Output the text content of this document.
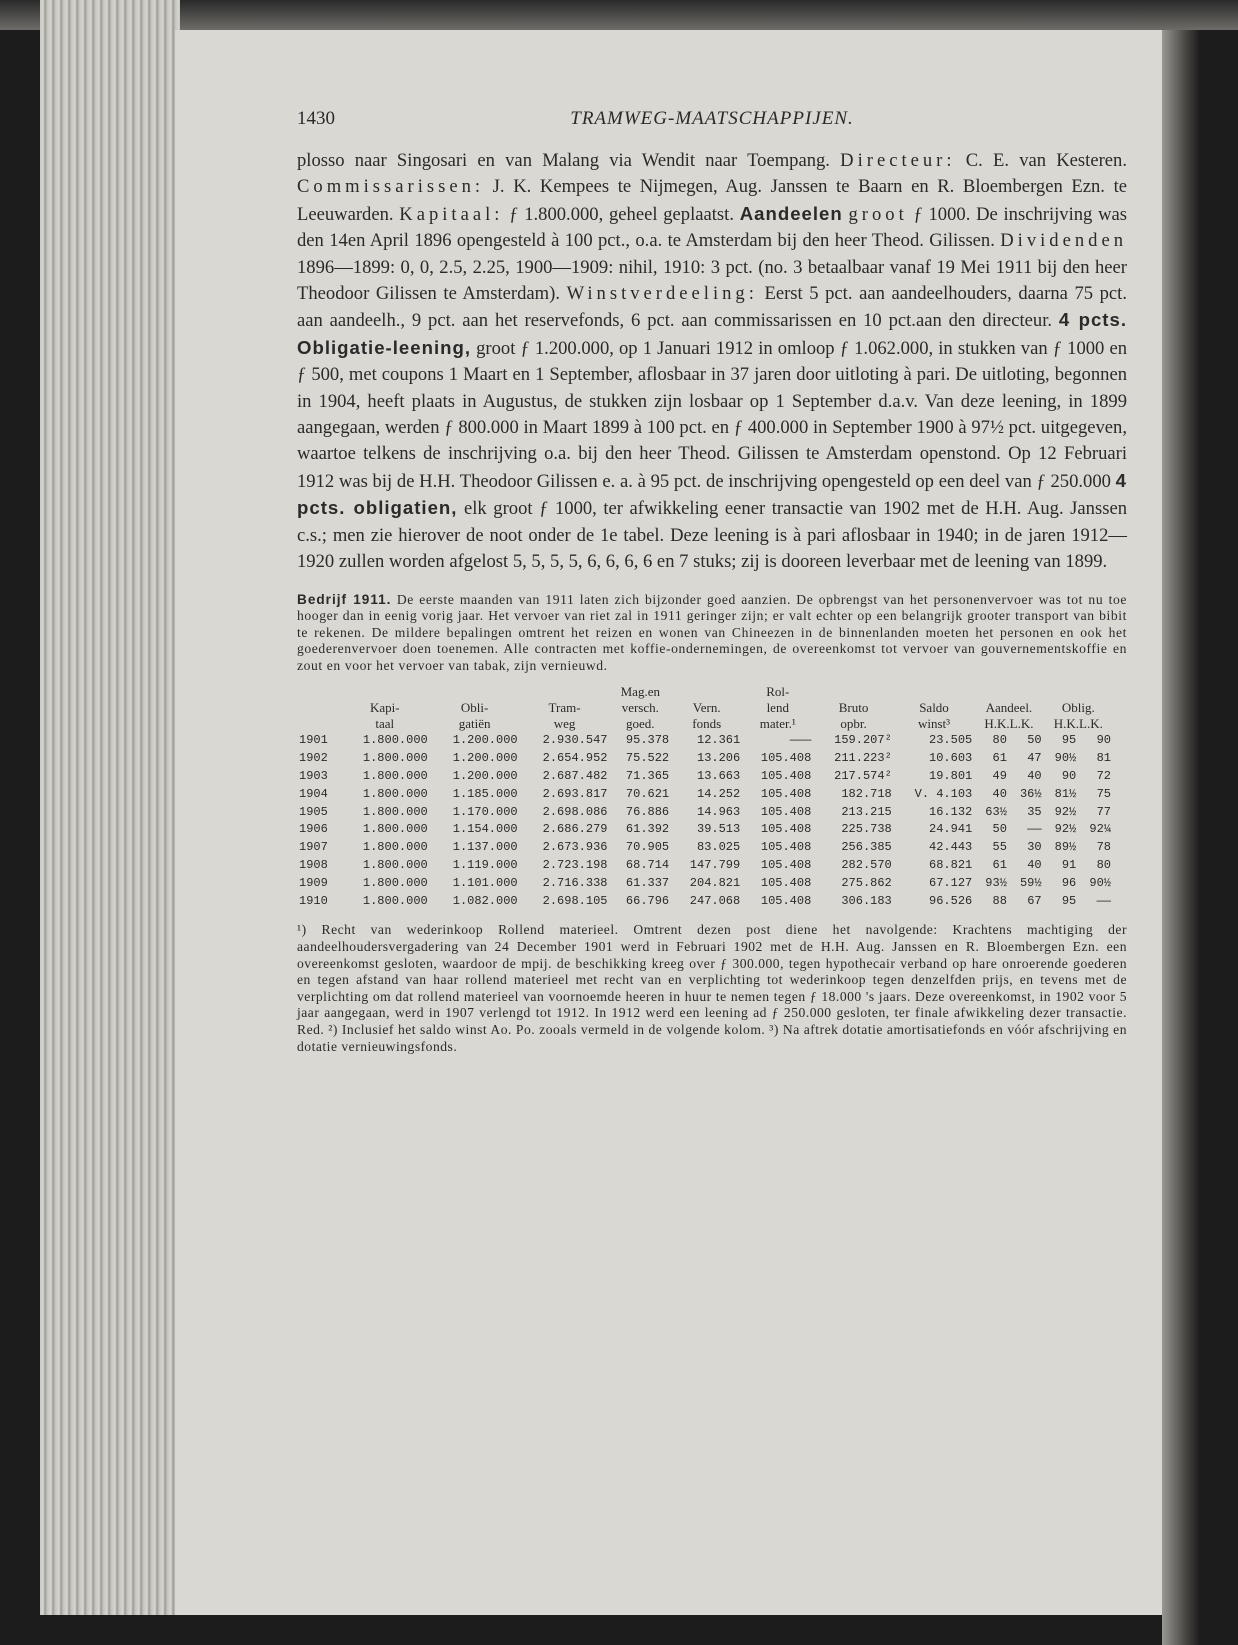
1430	TRAMWEG-MAATSCHAPPIJEN.

plosso naar Singosari en van Malang via Wendit naar Toempang. Directeur: C. E. van Kesteren. Commissarissen: J. K. Kempees te Nijmegen, Aug. Janssen te Baarn en R. Bloembergen Ezn. te Leeuwarden. Kapitaal: ƒ 1.800.000, geheel geplaatst. Aandeelen groot ƒ 1000. De inschrijving was den 14en April 1896 opengesteld à 100 pct., o.a. te Amsterdam bij den heer Theod. Gilissen. Dividenden 1896—1899: 0, 0, 2.5, 2.25, 1900—1909: nihil, 1910: 3 pct. (no. 3 betaalbaar vanaf 19 Mei 1911 bij den heer Theodoor Gilissen te Amsterdam). Winstverdeeling: Eerst 5 pct. aan aandeelhouders, daarna 75 pct. aan aandeelh., 9 pct. aan het reservefonds, 6 pct. aan commissarissen en 10 pct.aan den directeur. 4 pcts. Obligatie-leening, groot ƒ 1.200.000, op 1 Januari 1912 in omloop ƒ 1.062.000, in stukken van ƒ 1000 en ƒ 500, met coupons 1 Maart en 1 September, aflosbaar in 37 jaren door uitloting à pari. De uitloting, begonnen in 1904, heeft plaats in Augustus, de stukken zijn losbaar op 1 September d.a.v. Van deze leening, in 1899 aangegaan, werden ƒ 800.000 in Maart 1899 à 100 pct. en ƒ 400.000 in September 1900 à 97½ pct. uitgegeven, waartoe telkens de inschrijving o.a. bij den heer Theod. Gilissen te Amsterdam openstond. Op 12 Februari 1912 was bij de H.H. Theodoor Gilissen e. a. à 95 pct. de inschrijving opengesteld op een deel van ƒ 250.000 4 pcts. obligatien, elk groot ƒ 1000, ter afwikkeling eener transactie van 1902 met de H.H. Aug. Janssen c.s.; men zie hierover de noot onder de 1e tabel. Deze leening is à pari aflosbaar in 1940; in de jaren 1912—1920 zullen worden afgelost 5, 5, 5, 5, 6, 6, 6, 6 en 7 stuks; zij is dooreen leverbaar met de leening van 1899.

Bedrijf 1911. De eerste maanden van 1911 laten zich bijzonder goed aanzien. De opbrengst van het personenvervoer was tot nu toe hooger dan in eenig vorig jaar. Het vervoer van riet zal in 1911 geringer zijn; er valt echter op een belangrijk grooter transport van bibit te rekenen. De mildere bepalingen omtrent het reizen en wonen van Chineezen in de binnenlanden moeten het personen en ook het goederenvervoer doen toenemen. Alle contracten met koffie-ondernemingen, de overeenkomst tot vervoer van gouvernementskoffie en zout en voor het vervoer van tabak, zijn vernieuwd.
				Mag.en		Rol-						
	Kapi-	Obli-	Tram-	versch.	Vern.	lend	Bruto	Saldo	Aandeel.		Oblig.	
	taal	gatiën	weg	goed.	fonds	mater.¹	opbr.	winst³	H.K.L.K.		H.K.L.K.	
1901	1.800.000	1.200.000	2.930.547	95.378	12.361	———	159.207²	23.505	80	50	95	90
1902	1.800.000	1.200.000	2.654.952	75.522	13.206	105.408	211.223²	10.603	61	47	90½	81
1903	1.800.000	1.200.000	2.687.482	71.365	13.663	105.408	217.574²	19.801	49	40	90	72
1904	1.800.000	1.185.000	2.693.817	70.621	14.252	105.408	182.718	V. 4.103	40	36½	81½	75
1905	1.800.000	1.170.000	2.698.086	76.886	14.963	105.408	213.215	16.132	63½	35	92½	77
1906	1.800.000	1.154.000	2.686.279	61.392	39.513	105.408	225.738	24.941	50	——	92½	92¼
1907	1.800.000	1.137.000	2.673.936	70.905	83.025	105.408	256.385	42.443	55	30	89½	78
1908	1.800.000	1.119.000	2.723.198	68.714	147.799	105.408	282.570	68.821	61	40	91	80
1909	1.800.000	1.101.000	2.716.338	61.337	204.821	105.408	275.862	67.127	93½	59½	96	90½
1910	1.800.000	1.082.000	2.698.105	66.796	247.068	105.408	306.183	96.526	88	67	95	——
¹) Recht van wederinkoop Rollend materieel. Omtrent dezen post diene het navolgende: Krachtens machtiging der aandeelhoudersvergadering van 24 December 1901 werd in Februari 1902 met de H.H. Aug. Janssen en R. Bloembergen Ezn. een overeenkomst gesloten, waardoor de mpij. de beschikking kreeg over ƒ 300.000, tegen hypothecair verband op hare onroerende goederen en tegen afstand van haar rollend materieel met recht van en verplichting tot wederinkoop tegen denzelfden prijs, en tevens met de verplichting om dat rollend materieel van voornoemde heeren in huur te nemen tegen ƒ 18.000 's jaars. Deze overeenkomst, in 1902 voor 5 jaar aangegaan, werd in 1907 verlengd tot 1912. In 1912 werd een leening ad ƒ 250.000 gesloten, ter finale afwikkeling dezer transactie. Red. ²) Inclusief het saldo winst Ao. Po. zooals vermeld in de volgende kolom. ³) Na aftrek dotatie amortisatiefonds en vóór afschrijving en dotatie vernieuwingsfonds.
